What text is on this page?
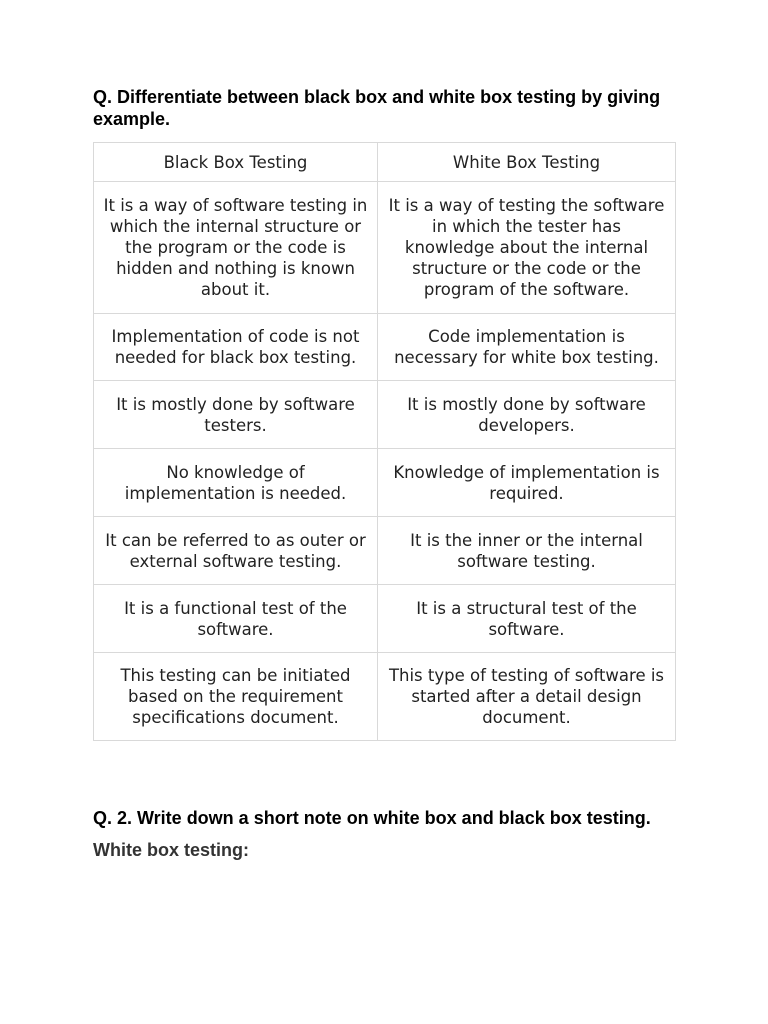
Q. Differentiate between black box and white box testing by giving example.

Black Box Testing	White Box Testing
It is a way of software testing in which the internal structure or the program or the code is hidden and nothing is known about it.	It is a way of testing the software in which the tester has knowledge about the internal structure or the code or the program of the software.
Implementation of code is not needed for black box testing.	Code implementation is necessary for white box testing.
It is mostly done by software testers.	It is mostly done by software developers.
No knowledge of implementation is needed.	Knowledge of implementation is required.
It can be referred to as outer or external software testing.	It is the inner or the internal software testing.
It is a functional test of the software.	It is a structural test of the software.
This testing can be initiated based on the requirement specifications document.	This type of testing of software is started after a detail design document.

Q. 2. Write down a short note on white box and black box testing.

White box testing:
